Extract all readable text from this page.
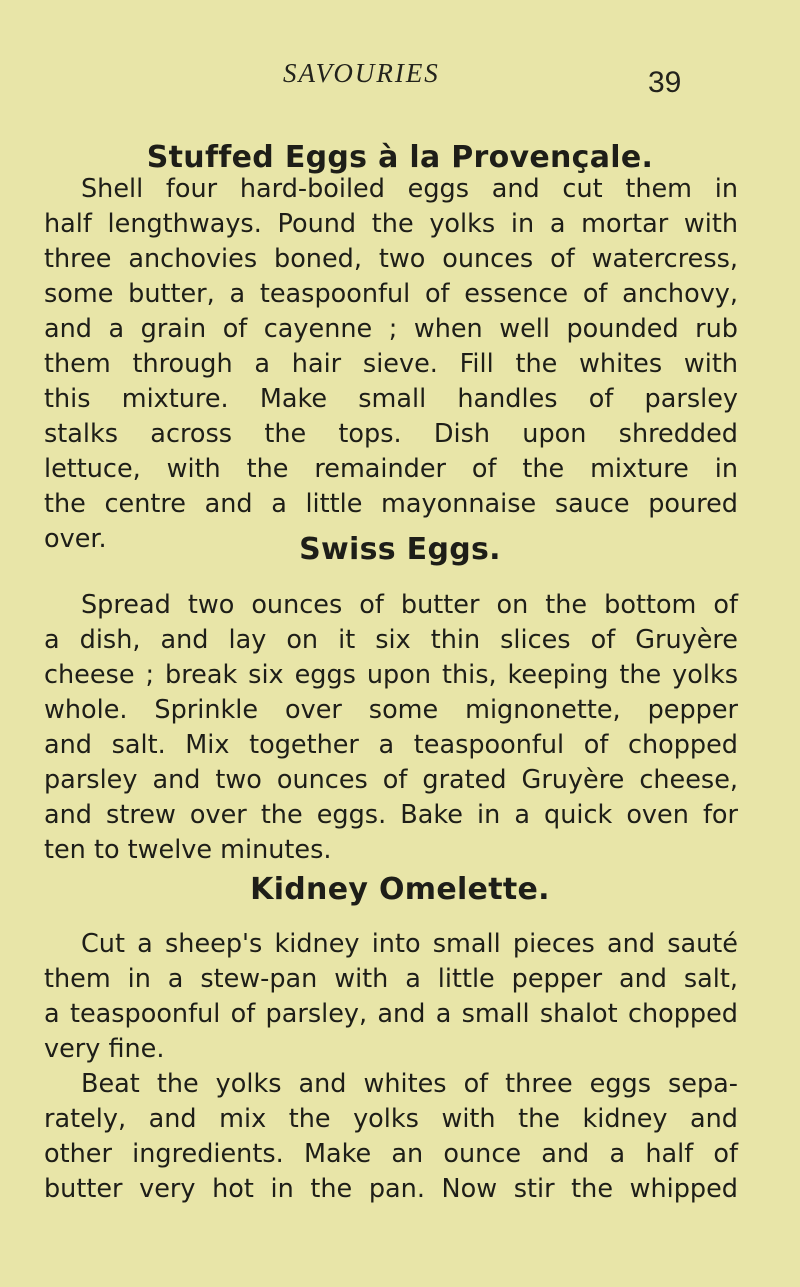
SAVOURIES	39
Stuffed Eggs à la Provençale.
Shell four hard-boiled eggs and cut them in
half lengthways. Pound the yolks in a mortar with
three anchovies boned, two ounces of watercress,
some butter, a teaspoonful of essence of anchovy,
and a grain of cayenne ; when well pounded rub
them through a hair sieve. Fill the whites with
this mixture. Make small handles of parsley
stalks across the tops. Dish upon shredded
lettuce, with the remainder of the mixture in
the centre and a little mayonnaise sauce poured
over.	Swiss Eggs.
Spread two ounces of butter on the bottom of
a dish, and lay on it six thin slices of Gruyère
cheese ; break six eggs upon this, keeping the yolks
whole. Sprinkle over some mignonette, pepper
and salt. Mix together a teaspoonful of chopped
parsley and two ounces of grated Gruyère cheese,
and strew over the eggs. Bake in a quick oven for
ten to twelve minutes.
Kidney Omelette.
Cut a sheep's kidney into small pieces and sauté
them in a stew-pan with a little pepper and salt,
a teaspoonful of parsley, and a small shalot chopped
very fine.
Beat the yolks and whites of three eggs sepa-
rately, and mix the yolks with the kidney and
other ingredients. Make an ounce and a half of
butter very hot in the pan. Now stir the whipped
